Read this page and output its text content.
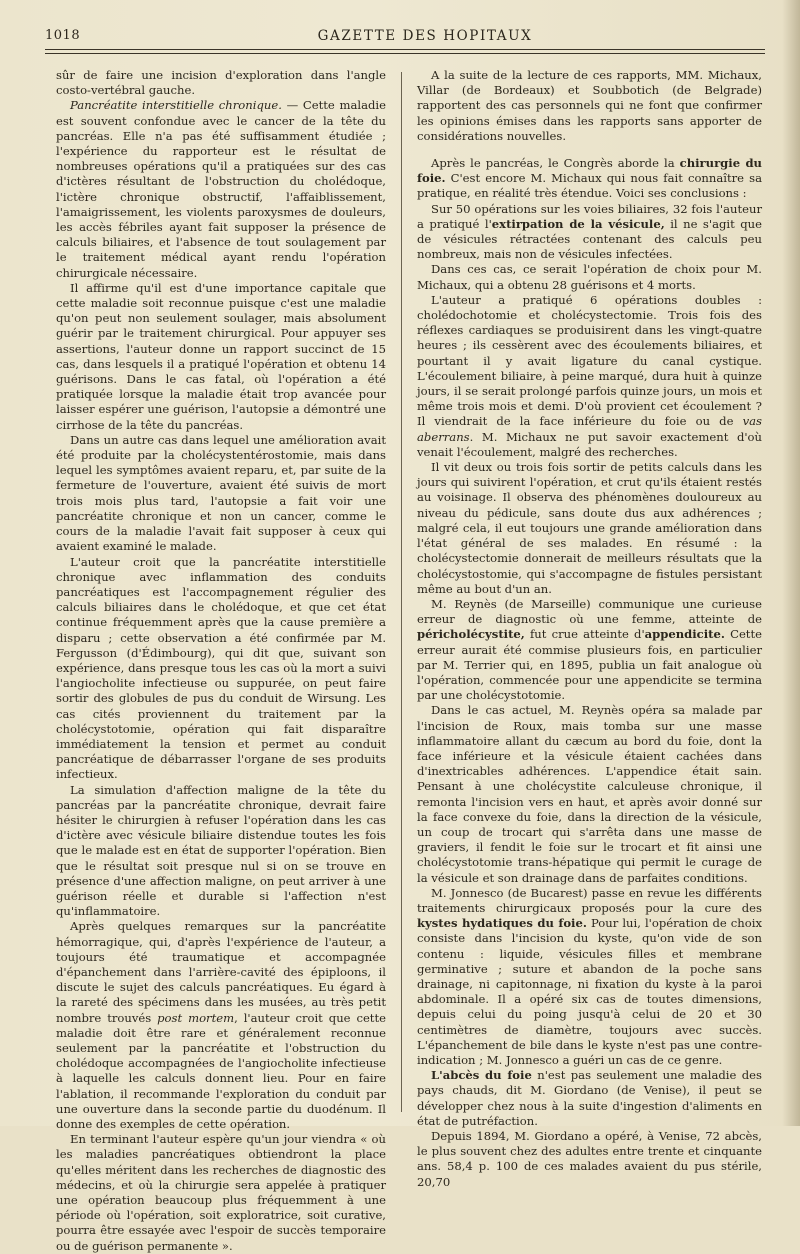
1018	GAZETTE DES HOPITAUX

sûr de faire une incision d'exploration dans l'angle costo-vertébral gauche.

Pancréatite interstitielle chronique. — Cette maladie est souvent confondue avec le cancer de la tête du pancréas. Elle n'a pas été suffisamment étudiée ; l'expérience du rapporteur est le résultat de nombreuses opérations qu'il a pratiquées sur des cas d'ictères résultant de l'obstruction du cholédoque, l'ictère chronique obstructif, l'affaiblissement, l'amaigrissement, les violents paroxysmes de douleurs, les accès fébriles ayant fait supposer la présence de calculs biliaires, et l'absence de tout soulagement par le traitement médical ayant rendu l'opération chirurgicale nécessaire.

Il affirme qu'il est d'une importance capitale que cette maladie soit reconnue puisque c'est une maladie qu'on peut non seulement soulager, mais absolument guérir par le traitement chirurgical. Pour appuyer ses assertions, l'auteur donne un rapport succinct de 15 cas, dans lesquels il a pratiqué l'opération et obtenu 14 guérisons. Dans le cas fatal, où l'opération a été pratiquée lorsque la maladie était trop avancée pour laisser espérer une guérison, l'autopsie a démontré une cirrhose de la tête du pancréas.

Dans un autre cas dans lequel une amélioration avait été produite par la cholécystentérostomie, mais dans lequel les symptômes avaient reparu, et, par suite de la fermeture de l'ouverture, avaient été suivis de mort trois mois plus tard, l'autopsie a fait voir une pancréatite chronique et non un cancer, comme le cours de la maladie l'avait fait supposer à ceux qui avaient examiné le malade.

L'auteur croit que la pancréatite interstitielle chronique avec inflammation des conduits pancréatiques est l'accompagnement régulier des calculs biliaires dans le cholédoque, et que cet état continue fréquemment après que la cause première a disparu ; cette observation a été confirmée par M. Fergusson (d'Édimbourg), qui dit que, suivant son expérience, dans presque tous les cas où la mort a suivi l'angiocholite infectieuse ou suppurée, on peut faire sortir des globules de pus du conduit de Wirsung. Les cas cités proviennent du traitement par la cholécystotomie, opération qui fait disparaître immédiatement la tension et permet au conduit pancréatique de débarrasser l'organe de ses produits infectieux.

La simulation d'affection maligne de la tête du pancréas par la pancréatite chronique, devrait faire hésiter le chirurgien à refuser l'opération dans les cas d'ictère avec vésicule biliaire distendue toutes les fois que le malade est en état de supporter l'opération. Bien que le résultat soit presque nul si on se trouve en présence d'une affection maligne, on peut arriver à une guérison réelle et durable si l'affection n'est qu'inflammatoire.

Après quelques remarques sur la pancréatite hémorragique, qui, d'après l'expérience de l'auteur, a toujours été traumatique et accompagnée d'épanchement dans l'arrière-cavité des épiploons, il discute le sujet des calculs pancréatiques. Eu égard à la rareté des spécimens dans les musées, au très petit nombre trouvés post mortem, l'auteur croit que cette maladie doit être rare et généralement reconnue seulement par la pancréatite et l'obstruction du cholédoque accompagnées de l'angiocholite infectieuse à laquelle les calculs donnent lieu. Pour en faire l'ablation, il recommande l'exploration du conduit par une ouverture dans la seconde partie du duodénum. Il donne des exemples de cette opération.

En terminant l'auteur espère qu'un jour viendra « où les maladies pancréatiques obtiendront la place qu'elles méritent dans les recherches de diagnostic des médecins, et où la chirurgie sera appelée à pratiquer une opération beaucoup plus fréquemment à une période où l'opération, soit exploratrice, soit curative, pourra être essayée avec l'espoir de succès temporaire ou de guérison permanente ».

A la suite de la lecture de ces rapports, MM. Michaux, Villar (de Bordeaux) et Soubbotich (de Belgrade) rapportent des cas personnels qui ne font que confirmer les opinions émises dans les rapports sans apporter de considérations nouvelles.

Après le pancréas, le Congrès aborde la chirurgie du foie. C'est encore M. Michaux qui nous fait connaître sa pratique, en réalité très étendue. Voici ses conclusions :

Sur 50 opérations sur les voies biliaires, 32 fois l'auteur a pratiqué l'extirpation de la vésicule, il ne s'agit que de vésicules rétractées contenant des calculs peu nombreux, mais non de vésicules infectées.

Dans ces cas, ce serait l'opération de choix pour M. Michaux, qui a obtenu 28 guérisons et 4 morts.

L'auteur a pratiqué 6 opérations doubles : cholédochotomie et cholécystectomie. Trois fois des réflexes cardiaques se produisirent dans les vingt-quatre heures ; ils cessèrent avec des écoulements biliaires, et pourtant il y avait ligature du canal cystique. L'écoulement biliaire, à peine marqué, dura huit à quinze jours, il se serait prolongé parfois quinze jours, un mois et même trois mois et demi. D'où provient cet écoulement ? Il viendrait de la face inférieure du foie ou de vas aberrans. M. Michaux ne put savoir exactement d'où venait l'écoulement, malgré des recherches.

Il vit deux ou trois fois sortir de petits calculs dans les jours qui suivirent l'opération, et crut qu'ils étaient restés au voisinage. Il observa des phénomènes douloureux au niveau du pédicule, sans doute dus aux adhérences ; malgré cela, il eut toujours une grande amélioration dans l'état général de ses malades. En résumé : la cholécystectomie donnerait de meilleurs résultats que la cholécystostomie, qui s'accompagne de fistules persistant même au bout d'un an.

M. Reynès (de Marseille) communique une curieuse erreur de diagnostic où une femme, atteinte de péricholécystite, fut crue atteinte d'appendicite. Cette erreur aurait été commise plusieurs fois, en particulier par M. Terrier qui, en 1895, publia un fait analogue où l'opération, commencée pour une appendicite se termina par une cholécystotomie.

Dans le cas actuel, M. Reynès opéra sa malade par l'incision de Roux, mais tomba sur une masse inflammatoire allant du cæcum au bord du foie, dont la face inférieure et la vésicule étaient cachées dans d'inextricables adhérences. L'appendice était sain. Pensant à une cholécystite calculeuse chronique, il remonta l'incision vers en haut, et après avoir donné sur la face convexe du foie, dans la direction de la vésicule, un coup de trocart qui s'arrêta dans une masse de graviers, il fendit le foie sur le trocart et fit ainsi une cholécystotomie trans-hépatique qui permit le curage de la vésicule et son drainage dans de parfaites conditions.

M. Jonnesco (de Bucarest) passe en revue les différents traitements chirurgicaux proposés pour la cure des kystes hydatiques du foie. Pour lui, l'opération de choix consiste dans l'incision du kyste, qu'on vide de son contenu : liquide, vésicules filles et membrane germinative ; suture et abandon de la poche sans drainage, ni capitonnage, ni fixation du kyste à la paroi abdominale. Il a opéré six cas de toutes dimensions, depuis celui du poing jusqu'à celui de 20 et 30 centimètres de diamètre, toujours avec succès. L'épanchement de bile dans le kyste n'est pas une contre-indication ; M. Jonnesco a guéri un cas de ce genre.

L'abcès du foie n'est pas seulement une maladie des pays chauds, dit M. Giordano (de Venise), il peut se développer chez nous à la suite d'ingestion d'aliments en état de putréfaction.

Depuis 1894, M. Giordano a opéré, à Venise, 72 abcès, le plus souvent chez des adultes entre trente et cinquante ans. 58,4 p. 100 de ces malades avaient du pus stérile, 20,70
